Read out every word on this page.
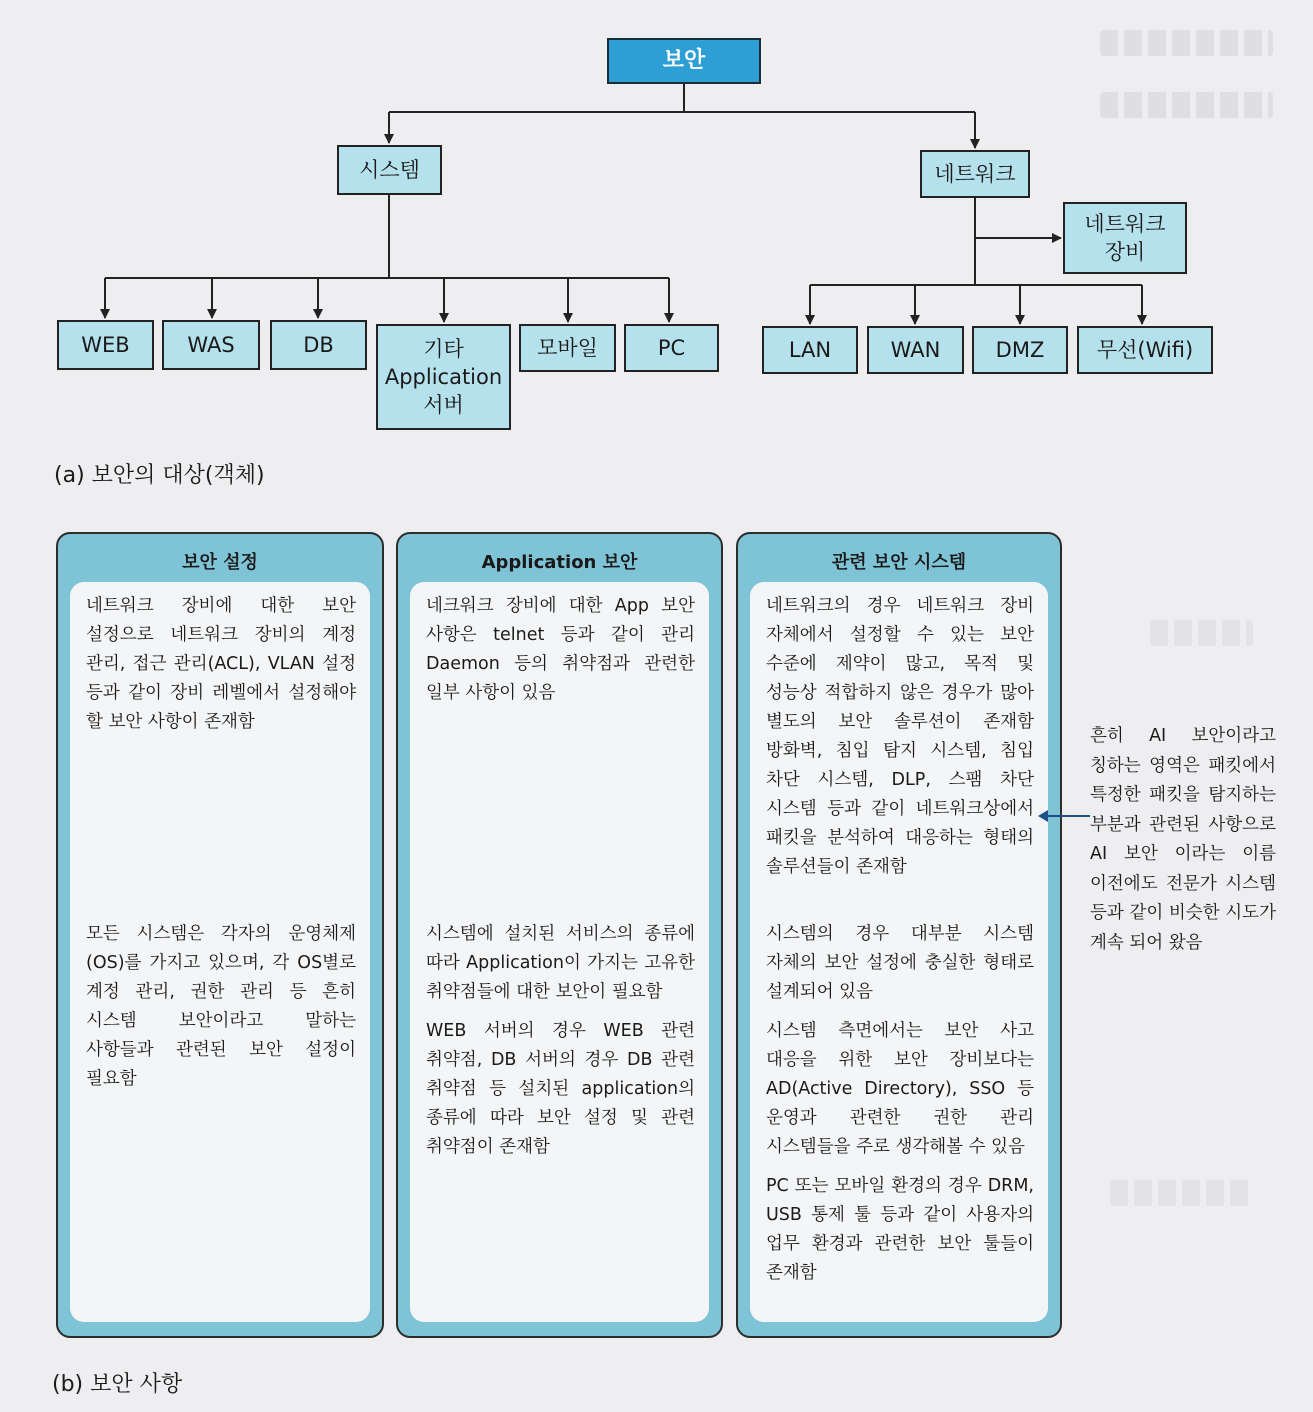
보안
시스템	네트워크
네트워크
장비
WEB	WAS	DB	기타
Application
서버
모바일	PC	LAN	WAN	DMZ	무선(Wifi)
(a) 보안의 대상(객체)
보안 설정

네트워크 장비에 대한 보안 설정으로 네트워크 장비의 계정 관리, 접근 관리(ACL), VLAN 설정 등과 같이 장비 레벨에서 설정해야 할 보안 사항이 존재함

모든 시스템은 각자의 운영체제(OS)를 가지고 있으며, 각 OS별로 계정 관리, 권한 관리 등 흔히 시스템 보안이라고 말하는 사항들과 관련된 보안 설정이 필요함

Application 보안

네크워크 장비에 대한 App 보안 사항은 telnet 등과 같이 관리 Daemon 등의 취약점과 관련한 일부 사항이 있음

시스템에 설치된 서비스의 종류에 따라 Application이 가지는 고유한 취약점들에 대한 보안이 필요함

WEB 서버의 경우 WEB 관련 취약점, DB 서버의 경우 DB 관련 취약점 등 설치된 application의 종류에 따라 보안 설정 및 관련 취약점이 존재함

관련 보안 시스템

네트워크의 경우 네트워크 장비 자체에서 설정할 수 있는 보안 수준에 제약이 많고, 목적 및 성능상 적합하지 않은 경우가 많아 별도의 보안 솔루션이 존재함 방화벽, 침입 탐지 시스템, 침입 차단 시스템, DLP, 스팸 차단 시스템 등과 같이 네트워크상에서 패킷을 분석하여 대응하는 형태의 솔루션들이 존재함

시스템의 경우 대부분 시스템 자체의 보안 설정에 충실한 형태로 설계되어 있음

시스템 측면에서는 보안 사고 대응을 위한 보안 장비보다는 AD(Active Directory), SSO 등 운영과 관련한 권한 관리 시스템들을 주로 생각해볼 수 있음

PC 또는 모바일 환경의 경우 DRM, USB 통제 툴 등과 같이 사용자의 업무 환경과 관련한 보안 툴들이 존재함

흔히 AI 보안이라고 칭하는 영역은 패킷에서 특정한 패킷을 탐지하는 부분과 관련된 사항으로 AI 보안 이라는 이름 이전에도 전문가 시스템 등과 같이 비슷한 시도가 계속 되어 왔음
(b) 보안 사항
